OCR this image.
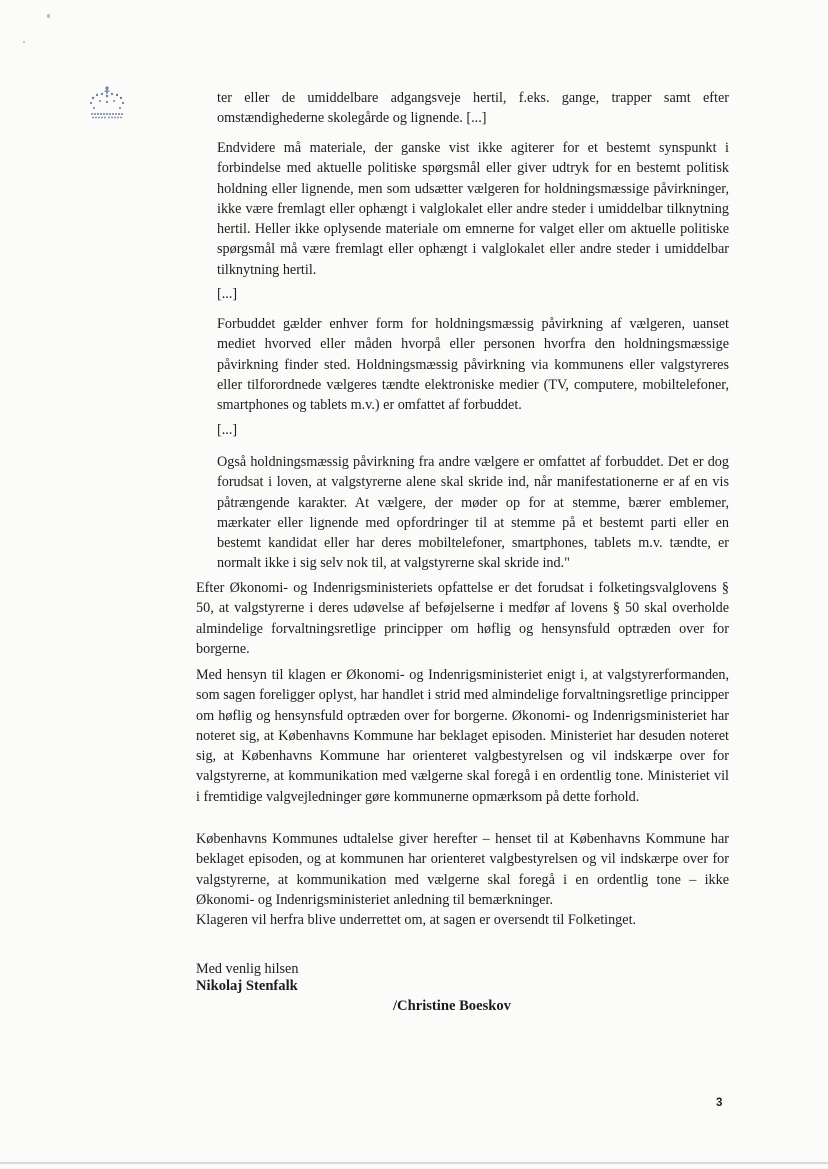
ter eller de umiddelbare adgangsveje hertil, f.eks. gange, trapper samt efter omstændighederne skolegårde og lignende. [...]

Endvidere må materiale, der ganske vist ikke agiterer for et bestemt synspunkt i forbindelse med aktuelle politiske spørgsmål eller giver udtryk for en bestemt politisk holdning eller lignende, men som udsætter vælgeren for holdningsmæssige påvirkninger, ikke være fremlagt eller ophængt i valglokalet eller andre steder i umiddelbar tilknytning hertil. Heller ikke oplysende materiale om emnerne for valget eller om aktuelle politiske spørgsmål må være fremlagt eller ophængt i valglokalet eller andre steder i umiddelbar tilknytning hertil.

[...]

Forbuddet gælder enhver form for holdningsmæssig påvirkning af vælgeren, uanset mediet hvorved eller måden hvorpå eller personen hvorfra den holdningsmæssige påvirkning finder sted. Holdningsmæssig påvirkning via kommunens eller valgstyreres eller tilforordnede vælgeres tændte elektroniske medier (TV, computere, mobiltelefoner, smartphones og tablets m.v.) er omfattet af forbuddet.

[...]

Også holdningsmæssig påvirkning fra andre vælgere er omfattet af forbuddet. Det er dog forudsat i loven, at valgstyrerne alene skal skride ind, når manifestationerne er af en vis påtrængende karakter. At vælgere, der møder op for at stemme, bærer emblemer, mærkater eller lignende med opfordringer til at stemme på et bestemt parti eller en bestemt kandidat eller har deres mobiltelefoner, smartphones, tablets m.v. tændte, er normalt ikke i sig selv nok til, at valgstyrerne skal skride ind."

Efter Økonomi- og Indenrigsministeriets opfattelse er det forudsat i folketingsvalglovens § 50, at valgstyrerne i deres udøvelse af beføjelserne i medfør af lovens § 50 skal overholde almindelige forvaltningsretlige principper om høflig og hensynsfuld optræden over for borgerne.

Med hensyn til klagen er Økonomi- og Indenrigsministeriet enigt i, at valgstyrerformanden, som sagen foreligger oplyst, har handlet i strid med almindelige forvaltningsretlige principper om høflig og hensynsfuld optræden over for borgerne. Økonomi- og Indenrigsministeriet har noteret sig, at Københavns Kommune har beklaget episoden. Ministeriet har desuden noteret sig, at Københavns Kommune har orienteret valgbestyrelsen og vil indskærpe over for valgstyrerne, at kommunikation med vælgerne skal foregå i en ordentlig tone. Ministeriet vil i fremtidige valgvejledninger gøre kommunerne opmærksom på dette forhold.

Københavns Kommunes udtalelse giver herefter – henset til at Københavns Kommune har beklaget episoden, og at kommunen har orienteret valgbestyrelsen og vil indskærpe over for valgstyrerne, at kommunikation med vælgerne skal foregå i en ordentlig tone – ikke Økonomi- og Indenrigsministeriet anledning til bemærkninger.

Klageren vil herfra blive underrettet om, at sagen er oversendt til Folketinget.

Med venlig hilsen
Nikolaj Stenfalk
/Christine Boeskov
3
